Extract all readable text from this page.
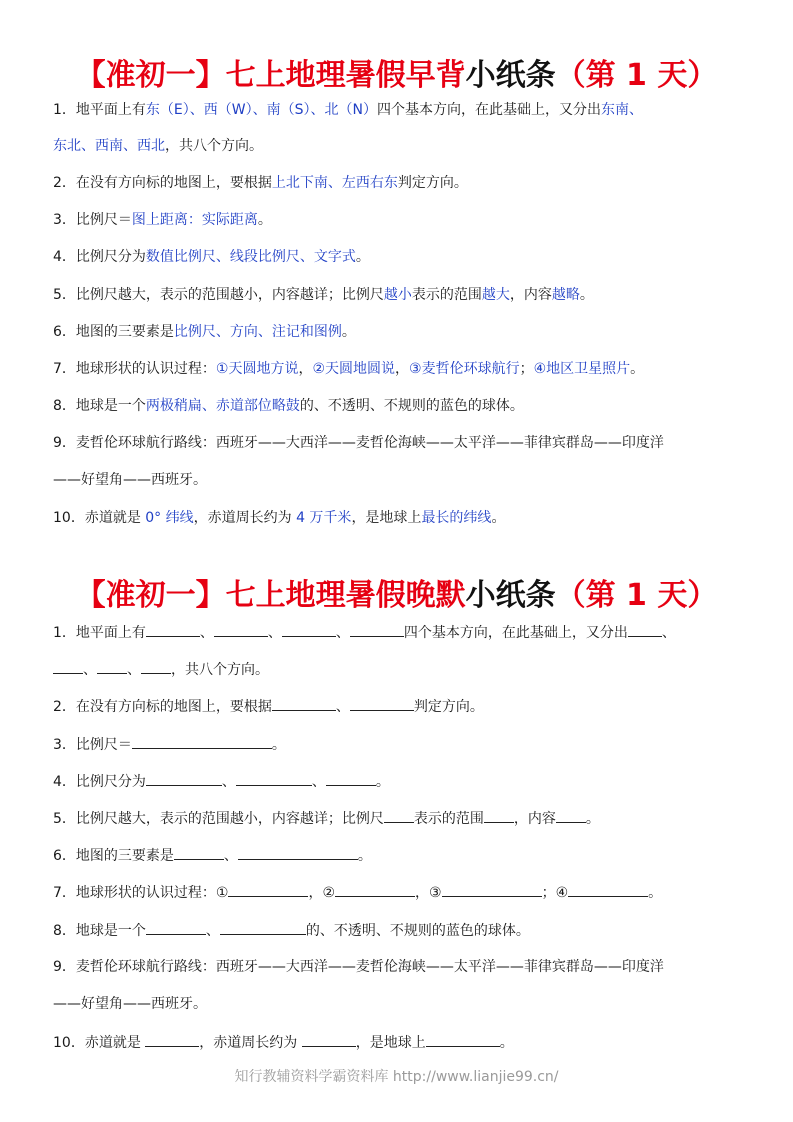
【准初一】七上地理暑假早背小纸条（第 1 天）
1．地平面上有东（E）、西（W）、南（S）、北（N）四个基本方向，在此基础上，又分出东南、
东北、西南、西北，共八个方向。
2．在没有方向标的地图上，要根据上北下南、左西右东判定方向。
3．比例尺＝图上距离：实际距离。
4．比例尺分为数值比例尺、线段比例尺、文字式。
5．比例尺越大，表示的范围越小，内容越详；比例尺越小表示的范围越大，内容越略。
6．地图的三要素是比例尺、方向、注记和图例。
7．地球形状的认识过程：①天圆地方说，②天圆地圆说，③麦哲伦环球航行；④地区卫星照片。
8．地球是一个两极稍扁、赤道部位略鼓的、不透明、不规则的蓝色的球体。
9．麦哲伦环球航行路线：西班牙——大西洋——麦哲伦海峡——太平洋——菲律宾群岛——印度洋
——好望角——西班牙。
10．赤道就是 0° 纬线，赤道周长约为 4 万千米，是地球上最长的纬线。
【准初一】七上地理暑假晚默小纸条（第 1 天）
1．地平面上有	、	、	、	四个基本方向，在此基础上，又分出 、
、 、 ，共八个方向。
2．在没有方向标的地图上，要根据	、	判定方向。
3．比例尺＝	。
4．比例尺分为	、	、	。
5．比例尺越大，表示的范围越小，内容越详；比例尺 表示的范围 ，内容 。
6．地图的三要素是	、	。
7．地球形状的认识过程：①	，②	，③	；④	。
8．地球是一个	、	的、不透明、不规则的蓝色的球体。
9．麦哲伦环球航行路线：西班牙——大西洋——麦哲伦海峡——太平洋——菲律宾群岛——印度洋
——好望角——西班牙。
10．赤道就是	，赤道周长约为	，是地球上	。
知行教辅资料学霸资料库 http://www.lianjie99.cn/
